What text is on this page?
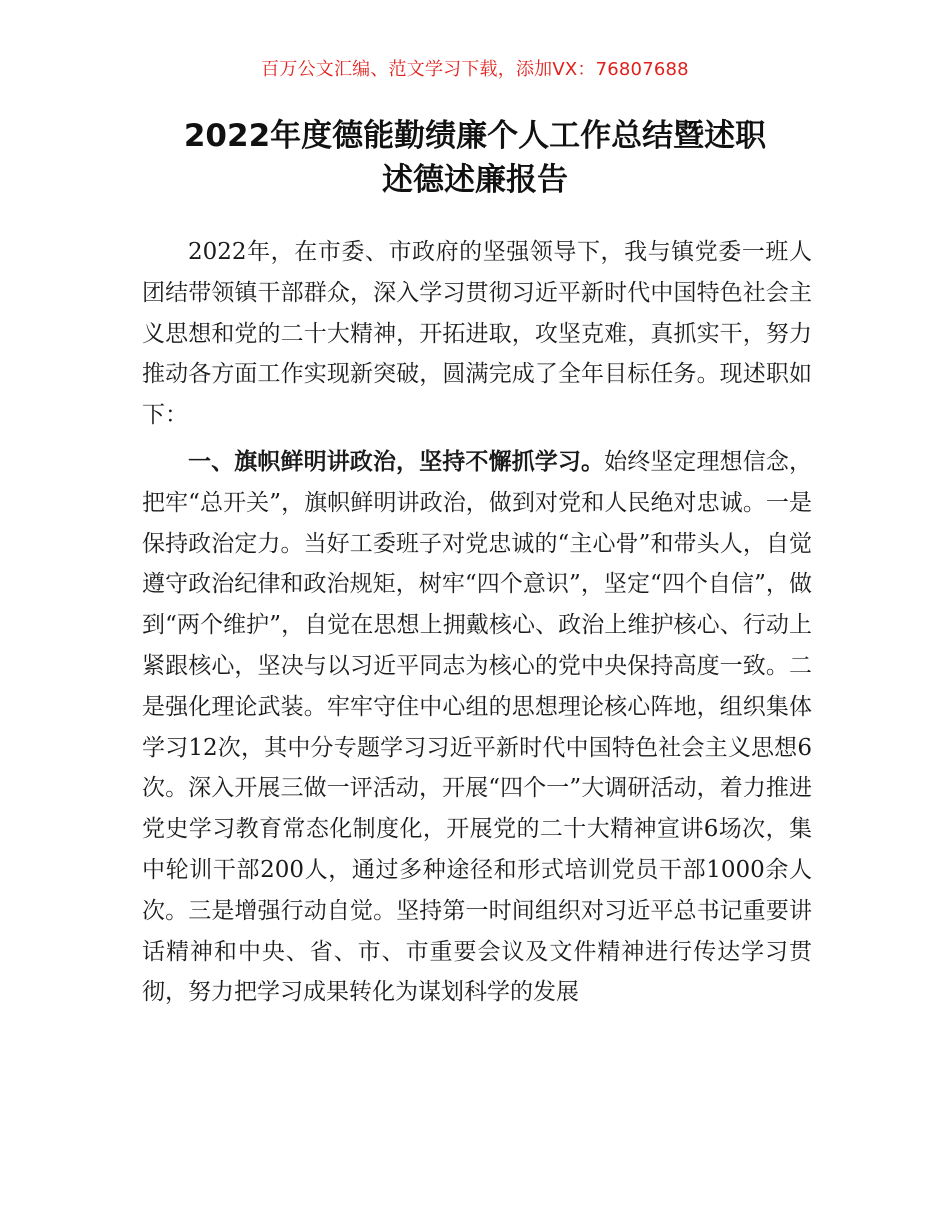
百万公文汇编、范文学习下载，添加VX：76807688
2022年度德能勤绩廉个人工作总结暨述职
述德述廉报告

2022年，在市委、市政府的坚强领导下，我与镇党委一班人团结带领镇干部群众，深入学习贯彻习近平新时代中国特色社会主义思想和党的二十大精神，开拓进取，攻坚克难，真抓实干，努力推动各方面工作实现新突破，圆满完成了全年目标任务。现述职如下：

一、旗帜鲜明讲政治，坚持不懈抓学习。始终坚定理想信念，把牢“总开关”，旗帜鲜明讲政治，做到对党和人民绝对忠诚。一是保持政治定力。当好工委班子对党忠诚的“主心骨”和带头人，自觉遵守政治纪律和政治规矩，树牢“四个意识”，坚定“四个自信”，做到“两个维护”，自觉在思想上拥戴核心、政治上维护核心、行动上紧跟核心，坚决与以习近平同志为核心的党中央保持高度一致。二是强化理论武装。牢牢守住中心组的思想理论核心阵地，组织集体学习12次，其中分专题学习习近平新时代中国特色社会主义思想6次。深入开展三做一评活动，开展“四个一”大调研活动，着力推进党史学习教育常态化制度化，开展党的二十大精神宣讲6场次，集中轮训干部200人，通过多种途径和形式培训党员干部1000余人次。三是增强行动自觉。坚持第一时间组织对习近平总书记重要讲话精神和中央、省、市、市重要会议及文件精神进行传达学习贯彻，努力把学习成果转化为谋划科学的发展
